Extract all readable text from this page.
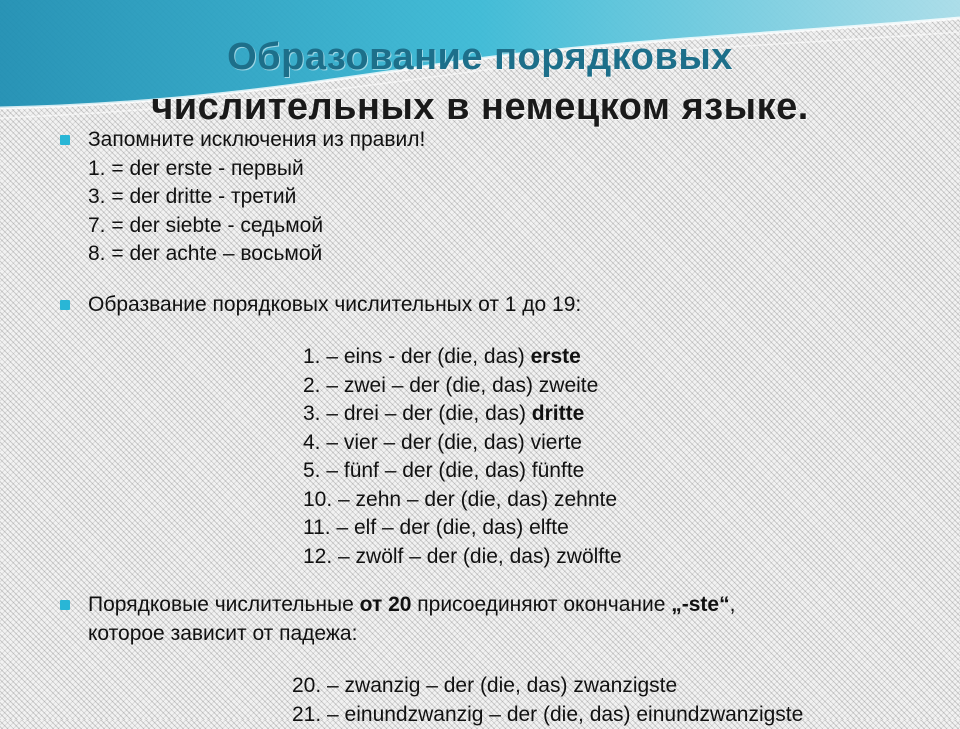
Образование порядковых
числительных в немецком языке.
Запомните исключения из правил!
1. = der erste - первый
3. = der dritte - третий
7. = der siebte - седьмой
8. = der achte – восьмой
Образвание порядковых числительных от 1 до 19:
1. – eins - der (die, das) erste
2. – zwei – der (die, das) zweite
3. – drei – der (die, das) dritte
4. – vier – der (die, das) vierte
5. – fünf – der (die, das) fünfte
10. – zehn – der (die, das) zehnte
11. – elf – der (die, das) elfte
12. – zwölf – der (die, das) zwölfte
Порядковые числительные от 20 присоединяют окончание „-ste“,
которое зависит от падежа:
20. – zwanzig – der (die, das) zwanzigste
21. – einundzwanzig – der (die, das) einundzwanzigste
